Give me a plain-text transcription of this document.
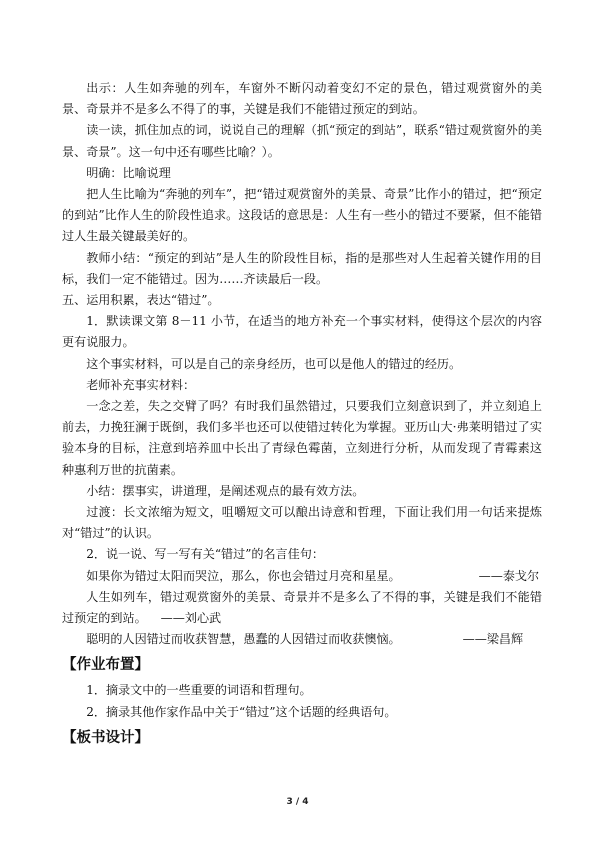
出示：人生如奔驰的列车，车窗外不断闪动着变幻不定的景色，错过观赏窗外的美景、奇景并不是多么不得了的事，关键是我们不能错过预定的到站。

读一读，抓住加点的词，说说自己的理解（抓“预定的到站”，联系“错过观赏窗外的美景、奇景”。这一句中还有哪些比喻？）。

明确：比喻说理

把人生比喻为“奔驰的列车”，把“错过观赏窗外的美景、奇景”比作小的错过，把“预定的到站”比作人生的阶段性追求。这段话的意思是：人生有一些小的错过不要紧，但不能错过人生最关键最美好的。

教师小结：“预定的到站”是人生的阶段性目标，指的是那些对人生起着关键作用的目标，我们一定不能错过。因为……齐读最后一段。

五、运用积累，表达“错过”。

1．默读课文第 8－11 小节，在适当的地方补充一个事实材料，使得这个层次的内容更有说服力。

这个事实材料，可以是自己的亲身经历，也可以是他人的错过的经历。

老师补充事实材料：

一念之差，失之交臂了吗？有时我们虽然错过，只要我们立刻意识到了，并立刻追上前去，力挽狂澜于既倒，我们多半也还可以使错过转化为掌握。亚历山大·弗莱明错过了实验本身的目标，注意到培养皿中长出了青绿色霉菌，立刻进行分析，从而发现了青霉素这种惠利万世的抗菌素。

小结：摆事实，讲道理，是阐述观点的最有效方法。

过渡：长文浓缩为短文，咀嚼短文可以酿出诗意和哲理，下面让我们用一句话来提炼对“错过”的认识。

2．说一说、写一写有关“错过”的名言佳句：

如果你为错过太阳而哭泣，那么，你也会错过月亮和星星。	——泰戈尔

人生如列车，错过观赏窗外的美景、奇景并不是多么了不得的事，关键是我们不能错过预定的到站。 ——刘心武

聪明的人因错过而收获智慧，愚蠢的人因错过而收获懊恼。	——梁昌辉

【作业布置】

1．摘录文中的一些重要的词语和哲理句。

2．摘录其他作家作品中关于“错过”这个话题的经典语句。

【板书设计】
3 / 4
